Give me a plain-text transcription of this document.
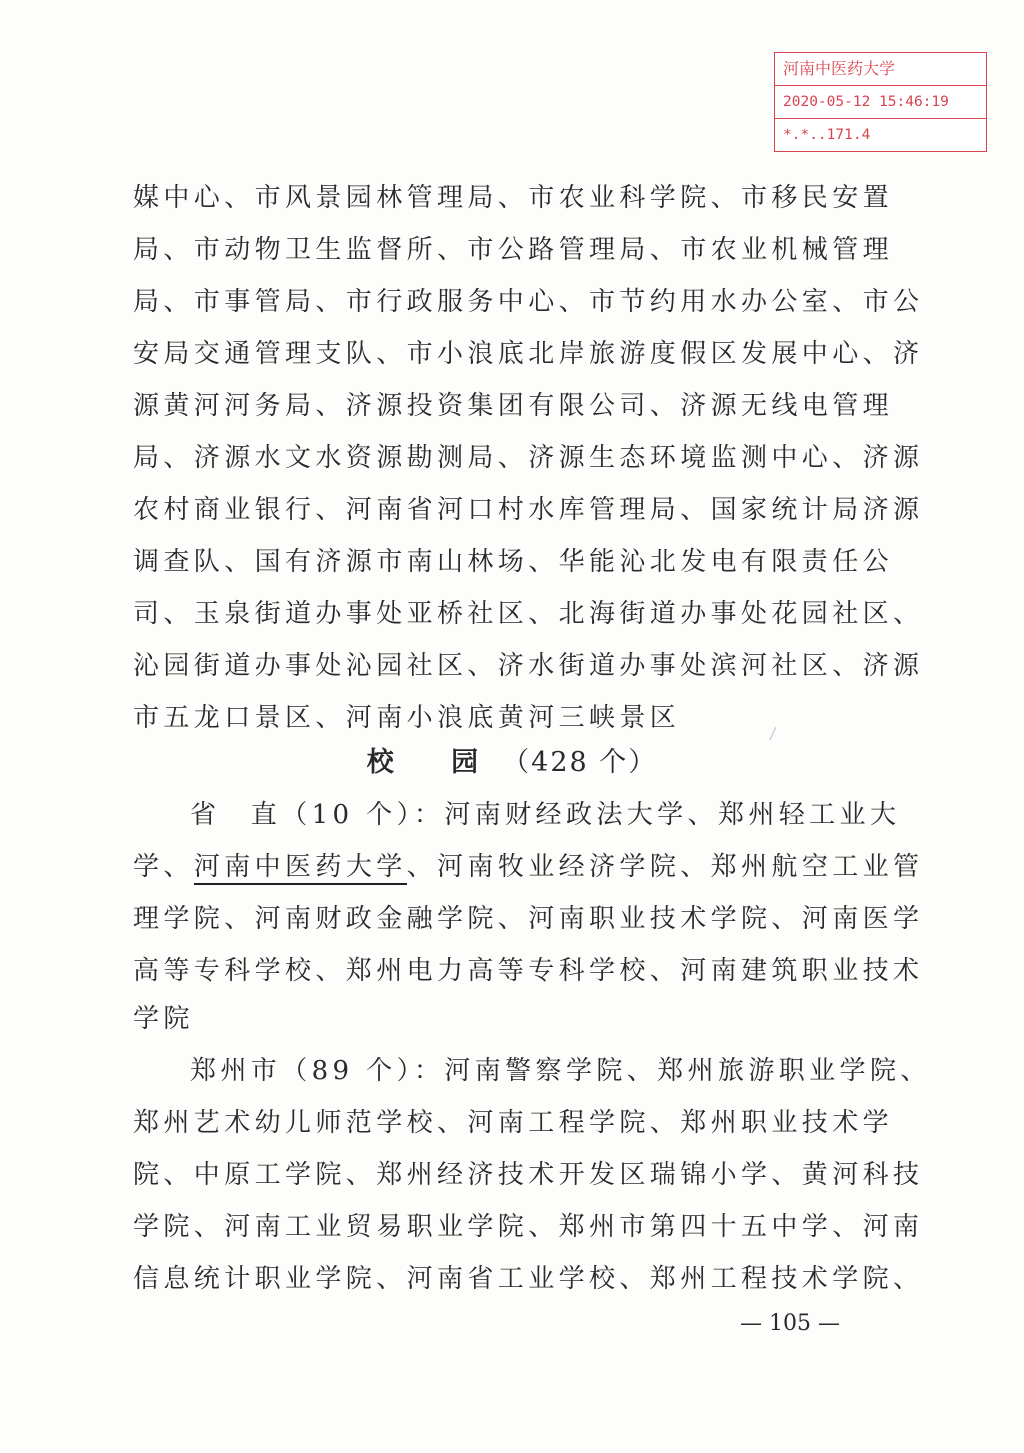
河南中医药大学
2020-05-12 15:46:19
*.*..171.4
媒中心、市风景园林管理局、市农业科学院、市移民安置
局、市动物卫生监督所、市公路管理局、市农业机械管理
局、市事管局、市行政服务中心、市节约用水办公室、市公
安局交通管理支队、市小浪底北岸旅游度假区发展中心、济
源黄河河务局、济源投资集团有限公司、济源无线电管理
局、济源水文水资源勘测局、济源生态环境监测中心、济源
农村商业银行、河南省河口村水库管理局、国家统计局济源
调查队、国有济源市南山林场、华能沁北发电有限责任公
司、玉泉街道办事处亚桥社区、北海街道办事处花园社区、
沁园街道办事处沁园社区、济水街道办事处滨河社区、济源
市五龙口景区、河南小浪底黄河三峡景区
校 园（428 个）
省　直（10 个）：河南财经政法大学、郑州轻工业大
学、河南中医药大学、河南牧业经济学院、郑州航空工业管
理学院、河南财政金融学院、河南职业技术学院、河南医学
高等专科学校、郑州电力高等专科学校、河南建筑职业技术
学院
郑州市（89 个）：河南警察学院、郑州旅游职业学院、
郑州艺术幼儿师范学校、河南工程学院、郑州职业技术学
院、中原工学院、郑州经济技术开发区瑞锦小学、黄河科技
学院、河南工业贸易职业学院、郑州市第四十五中学、河南
信息统计职业学院、河南省工业学校、郑州工程技术学院、
— 105 —
